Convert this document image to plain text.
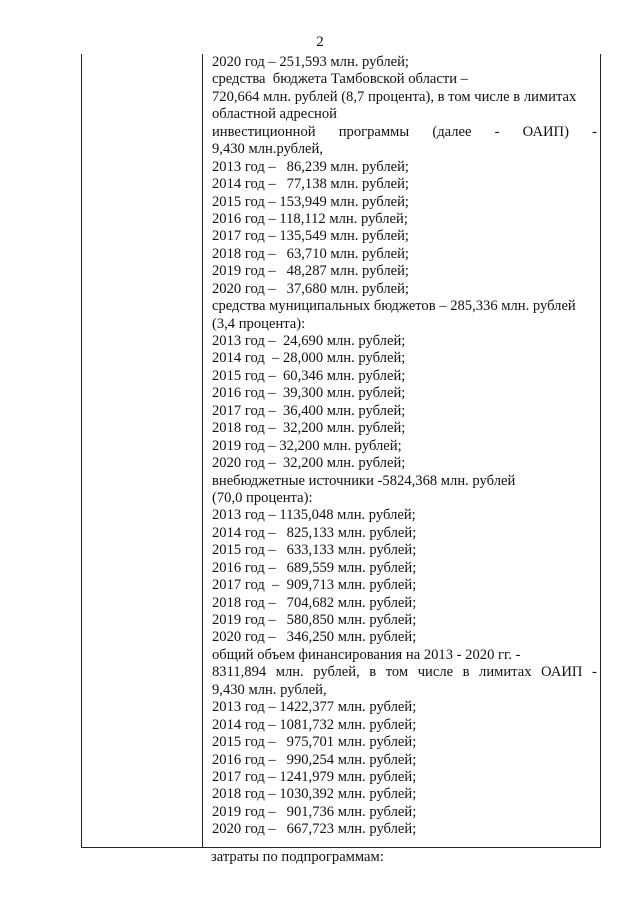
2
2020 год – 251,593 млн. рублей;
средства  бюджета Тамбовской области –
720,664 млн. рублей (8,7 процента), в том числе в лимитах
областной адресной
инвестиционной программы (далее - ОАИП) -
9,430 млн.рублей,
2013 год –   86,239 млн. рублей;
2014 год –   77,138 млн. рублей;
2015 год – 153,949 млн. рублей;
2016 год – 118,112 млн. рублей;
2017 год – 135,549 млн. рублей;
2018 год –   63,710 млн. рублей;
2019 год –   48,287 млн. рублей;
2020 год –   37,680 млн. рублей;
средства муниципальных бюджетов – 285,336 млн. рублей
(3,4 процента):
2013 год –  24,690 млн. рублей;
2014 год  – 28,000 млн. рублей;
2015 год –  60,346 млн. рублей;
2016 год –  39,300 млн. рублей;
2017 год –  36,400 млн. рублей;
2018 год –  32,200 млн. рублей;
2019 год – 32,200 млн. рублей;
2020 год –  32,200 млн. рублей;
внебюджетные источники -5824,368 млн. рублей
(70,0 процента):
2013 год – 1135,048 млн. рублей;
2014 год –   825,133 млн. рублей;
2015 год –   633,133 млн. рублей;
2016 год –   689,559 млн. рублей;
2017 год  –  909,713 млн. рублей;
2018 год –   704,682 млн. рублей;
2019 год –   580,850 млн. рублей;
2020 год –   346,250 млн. рублей;
общий объем финансирования на 2013 - 2020 гг. -
8311,894 млн. рублей, в том числе в лимитах ОАИП -
9,430 млн. рублей,
2013 год – 1422,377 млн. рублей;
2014 год – 1081,732 млн. рублей;
2015 год –   975,701 млн. рублей;
2016 год –   990,254 млн. рублей;
2017 год – 1241,979 млн. рублей;
2018 год – 1030,392 млн. рублей;
2019 год –   901,736 млн. рублей;
2020 год –   667,723 млн. рублей;
затраты по подпрограммам:
